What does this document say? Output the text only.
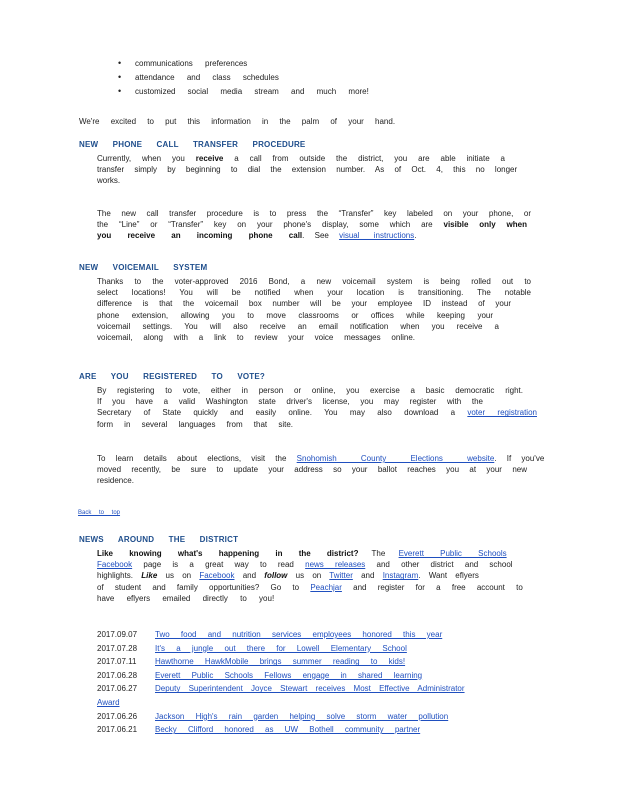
• communications preferences
• attendance and class schedules
• customized social media stream and much more!
We're excited to put this information in the palm of your hand.
NEW PHONE CALL TRANSFER PROCEDURE
Currently, when you receive a call from outside the district, you are able initiate a
transfer simply by beginning to dial the extension number. As of Oct. 4, this no longer
works.
The new call transfer procedure is to press the “Transfer” key labeled on your phone, or
the “Line” or “Transfer” key on your phone's display, some which are visible only when
you receive an incoming phone call. See visual instructions.
NEW VOICEMAIL SYSTEM
Thanks to the voter-approved 2016 Bond, a new voicemail system is being rolled out to
select locations! You will be notified when your location is transitioning. The notable
difference is that the voicemail box number will be your employee ID instead of your
phone extension, allowing you to move classrooms or offices while keeping your
voicemail settings. You will also receive an email notification when you receive a
voicemail, along with a link to review your voice messages online.
ARE YOU REGISTERED TO VOTE?
By registering to vote, either in person or online, you exercise a basic democratic right.
If you have a valid Washington state driver's license, you may register with the
Secretary of State quickly and easily online. You may also download a voter registration
form in several languages from that site.
To learn details about elections, visit the Snohomish County Elections website. If you've
moved recently, be sure to update your address so your ballot reaches you at your new
residence.
Back to top
NEWS AROUND THE DISTRICT
Like knowing what's happening in the district? The Everett Public Schools
Facebook page is a great way to read news releases and other district and school
highlights. Like us on Facebook and follow us on Twitter and Instagram. Want eflyers
of student and family opportunities? Go to Peachjar and register for a free account to
have eflyers emailed directly to you!
2017.09.07 Two food and nutrition services employees honored this year
2017.07.28 It's a jungle out there for Lowell Elementary School
2017.07.11 Hawthorne HawkMobile brings summer reading to kids!
2017.06.28 Everett Public Schools Fellows engage in shared learning
2017.06.27 Deputy Superintendent Joyce Stewart receives Most Effective Administrator
Award
2017.06.26 Jackson High's rain garden helping solve storm water pollution
2017.06.21 Becky Clifford honored as UW Bothell community partner
